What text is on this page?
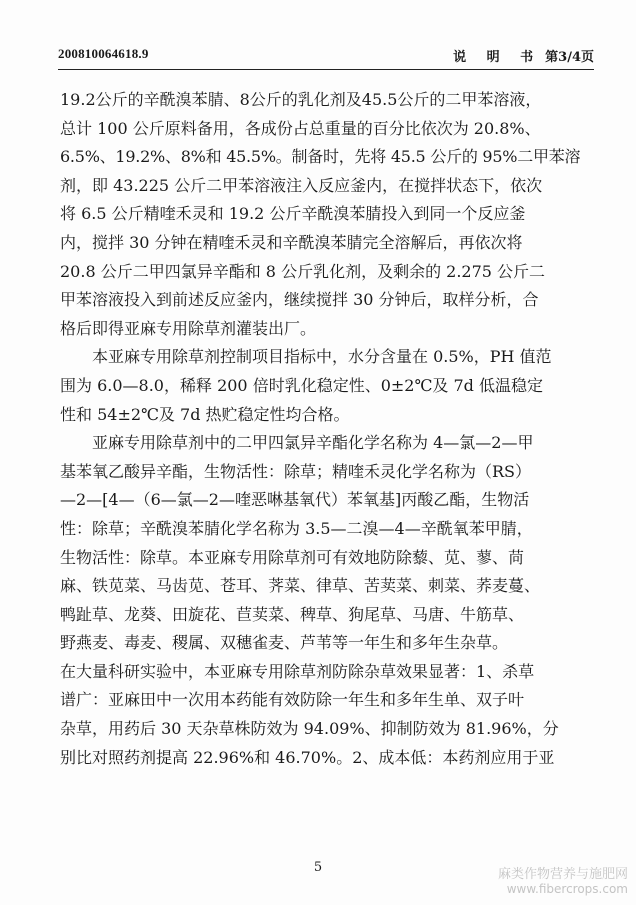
200810064618.9	说 明 书 第3/4页
19.2公斤的辛酰溴苯腈、8公斤的乳化剂及45.5公斤的二甲苯溶液，
总计 100 公斤原料备用，各成份占总重量的百分比依次为 20.8%、
6.5%、19.2%、8%和 45.5%。制备时，先将 45.5 公斤的 95%二甲苯溶
剂，即 43.225 公斤二甲苯溶液注入反应釜内，在搅拌状态下，依次
将 6.5 公斤精喹禾灵和 19.2 公斤辛酰溴苯腈投入到同一个反应釜
内，搅拌 30 分钟在精喹禾灵和辛酰溴苯腈完全溶解后，再依次将
20.8 公斤二甲四氯异辛酯和 8 公斤乳化剂，及剩余的 2.275 公斤二
甲苯溶液投入到前述反应釜内，继续搅拌 30 分钟后，取样分析，合
格后即得亚麻专用除草剂灌装出厂。
　　本亚麻专用除草剂控制项目指标中，水分含量在 0.5%，PH 值范
围为 6.0—8.0，稀释 200 倍时乳化稳定性、0±2℃及 7d 低温稳定
性和 54±2℃及 7d 热贮稳定性均合格。
　　亚麻专用除草剂中的二甲四氯异辛酯化学名称为 4—氯—2—甲
基苯氧乙酸异辛酯，生物活性：除草；精喹禾灵化学名称为（RS）
—2—[4—（6—氯—2—喹恶啉基氧代）苯氧基]丙酸乙酯，生物活
性：除草；辛酰溴苯腈化学名称为 3.5—二溴—4—辛酰氧苯甲腈，
生物活性：除草。本亚麻专用除草剂可有效地防除藜、苋、蓼、苘
麻、铁苋菜、马齿苋、苍耳、荠菜、律草、苦荬菜、刺菜、荞麦蔓、
鸭趾草、龙葵、田旋花、苣荬菜、稗草、狗尾草、马唐、牛筋草、
野燕麦、毒麦、稷属、双穗雀麦、芦苇等一年生和多年生杂草。
在大量科研实验中，本亚麻专用除草剂防除杂草效果显著：1、杀草
谱广：亚麻田中一次用本药能有效防除一年生和多年生单、双子叶
杂草，用药后 30 天杂草株防效为 94.09%、抑制防效为 81.96%，分
别比对照药剂提高 22.96%和 46.70%。2、成本低：本药剂应用于亚
5	麻类作物营养与施肥网
www.fibercrops.com
